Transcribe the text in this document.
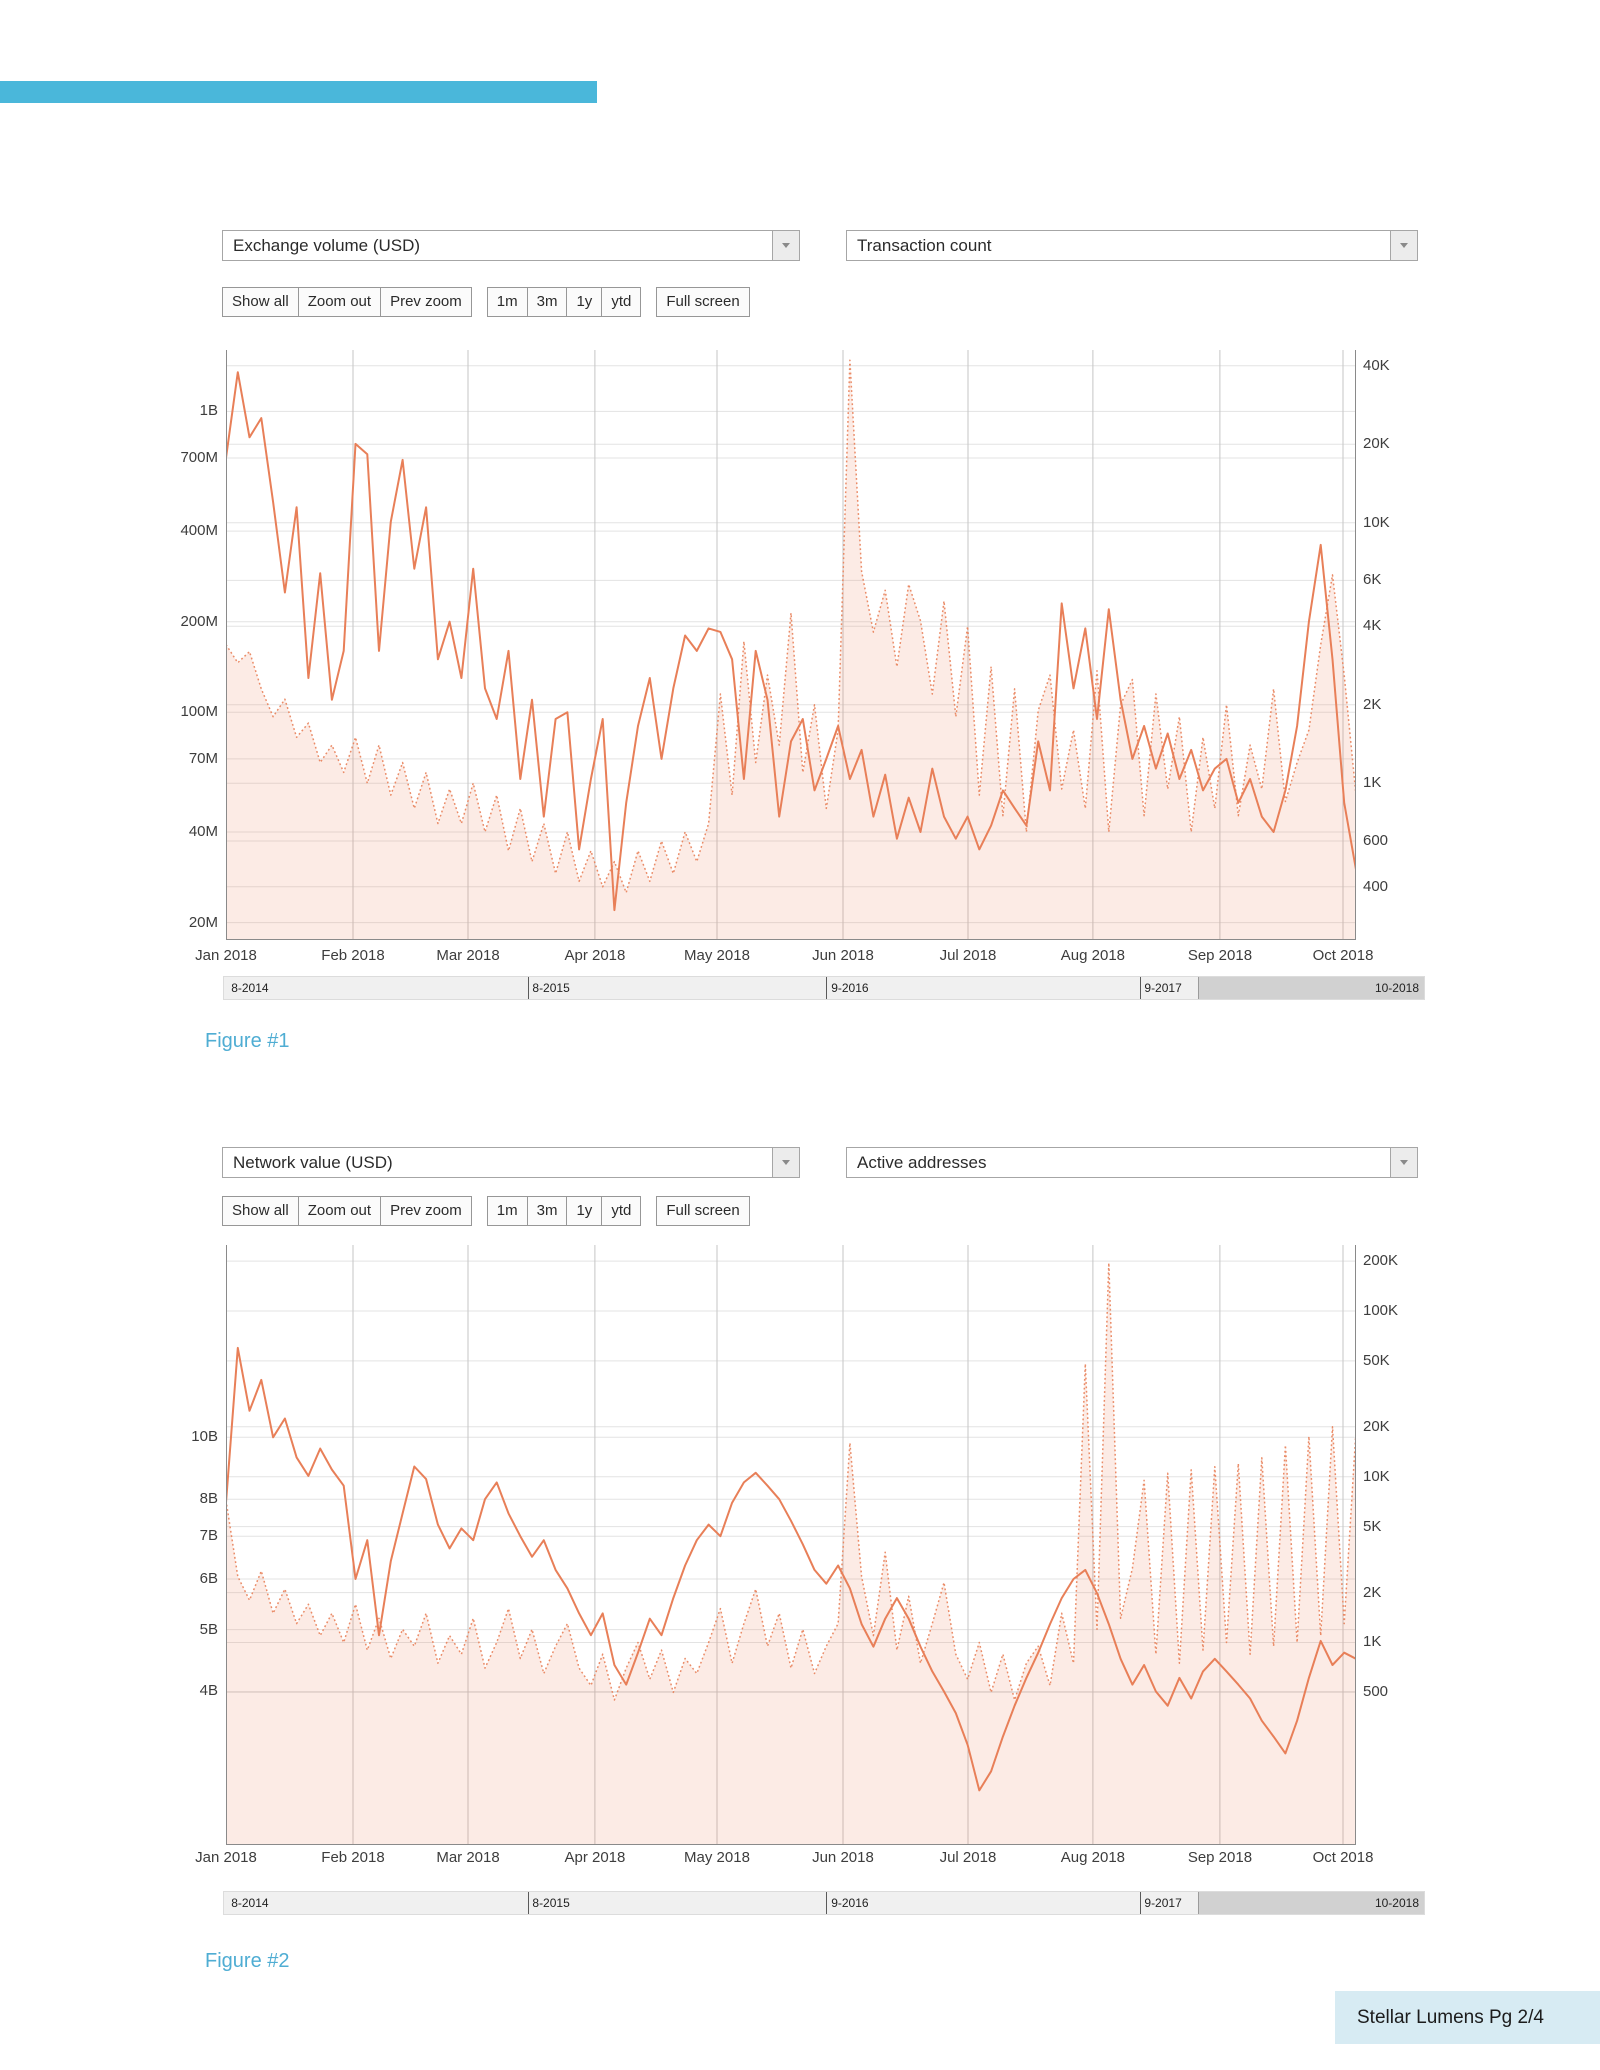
Exchange volume (USD)	Transaction count
Show all	Zoom out	Prev zoom	1m	3m	1y	ytd	Full screen
1B
700M
400M
200M
100M
70M
40M
20M
40K
20K
10K
6K
4K
2K
1K
600
400
Jan 2018	Feb 2018	Mar 2018	Apr 2018	May 2018	Jun 2018	Jul 2018	Aug 2018	Sep 2018	Oct 2018
8-2014	8-2015	9-2016	9-2017	10-2018
Figure #1
Network value (USD)	Active addresses
Show all	Zoom out	Prev zoom	1m	3m	1y	ytd	Full screen
10B
8B
7B
6B
5B
4B
200K
100K
50K
20K
10K
5K
2K
1K
500
Jan 2018	Feb 2018	Mar 2018	Apr 2018	May 2018	Jun 2018	Jul 2018	Aug 2018	Sep 2018	Oct 2018
8-2014	8-2015	9-2016	9-2017	10-2018
Figure #2
Stellar Lumens Pg 2/4
